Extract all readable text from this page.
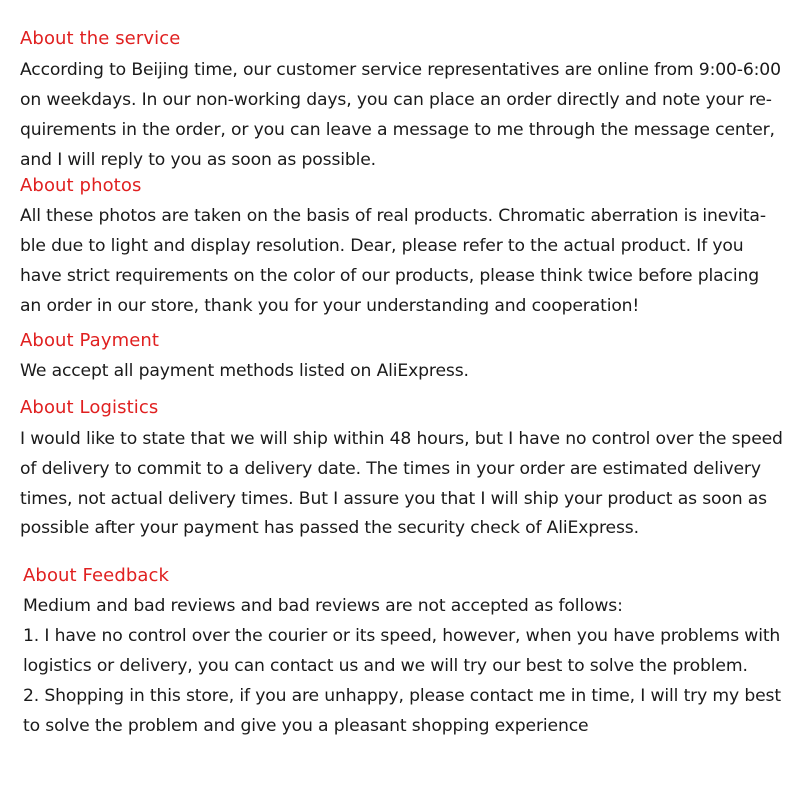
About the service
According to Beijing time, our customer service representatives are online from 9:00-6:00
on weekdays. In our non-working days, you can place an order directly and note your re-
quirements in the order, or you can leave a message to me through the message center,
and I will reply to you as soon as possible.
About photos
All these photos are taken on the basis of real products. Chromatic aberration is inevita-
ble due to light and display resolution. Dear, please refer to the actual product. If you
have strict requirements on the color of our products, please think twice before placing
an order in our store, thank you for your understanding and cooperation!
About Payment
We accept all payment methods listed on AliExpress.
About Logistics
I would like to state that we will ship within 48 hours, but I have no control over the speed
of delivery to commit to a delivery date. The times in your order are estimated delivery
times, not actual delivery times. But I assure you that I will ship your product as soon as
possible after your payment has passed the security check of AliExpress.
About Feedback
Medium and bad reviews and bad reviews are not accepted as follows:
1. I have no control over the courier or its speed, however, when you have problems with
logistics or delivery, you can contact us and we will try our best to solve the problem.
2. Shopping in this store, if you are unhappy, please contact me in time, I will try my best
to solve the problem and give you a pleasant shopping experience
